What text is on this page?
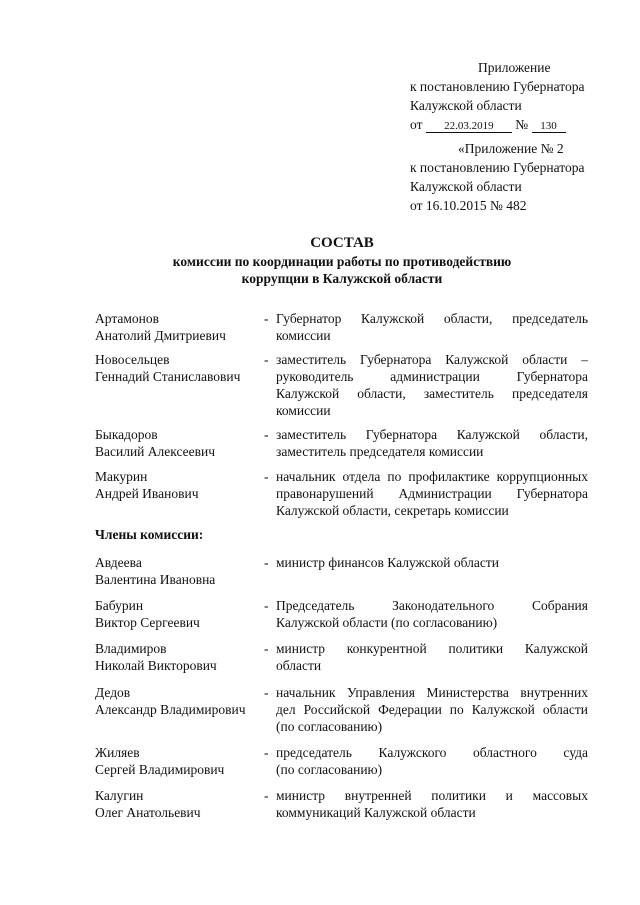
Приложение
к постановлению Губернатора
Калужской области
от 22.03.2019 № 130
«Приложение № 2
к постановлению Губернатора
Калужской области
от 16.10.2015 № 482
СОСТАВ
комиссии по координации работы по противодействию
коррупции в Калужской области
Артамонов
Анатолий Дмитриевич
- Губернатор Калужской области, председатель
комиссии
Новосельцев
Геннадий Станиславович
- заместитель Губернатора Калужской области –
руководитель администрации Губернатора
Калужской области, заместитель председателя
комиссии
Быкадоров
Василий Алексеевич
- заместитель Губернатора Калужской области,
заместитель председателя комиссии
Макурин
Андрей Иванович
- начальник отдела по профилактике коррупционных
правонарушений Администрации Губернатора
Калужской области, секретарь комиссии
Члены комиссии:
Авдеева
Валентина Ивановна
- министр финансов Калужской области
Бабурин
Виктор Сергеевич
- Председатель Законодательного Собрания
Калужской области (по согласованию)
Владимиров
Николай Викторович
- министр конкурентной политики Калужской
области
Дедов
Александр Владимирович
- начальник Управления Министерства внутренних
дел Российской Федерации по Калужской области
(по согласованию)
Жиляев
Сергей Владимирович
- председатель Калужского областного суда
(по согласованию)
Калугин
Олег Анатольевич
- министр внутренней политики и массовых
коммуникаций Калужской области
